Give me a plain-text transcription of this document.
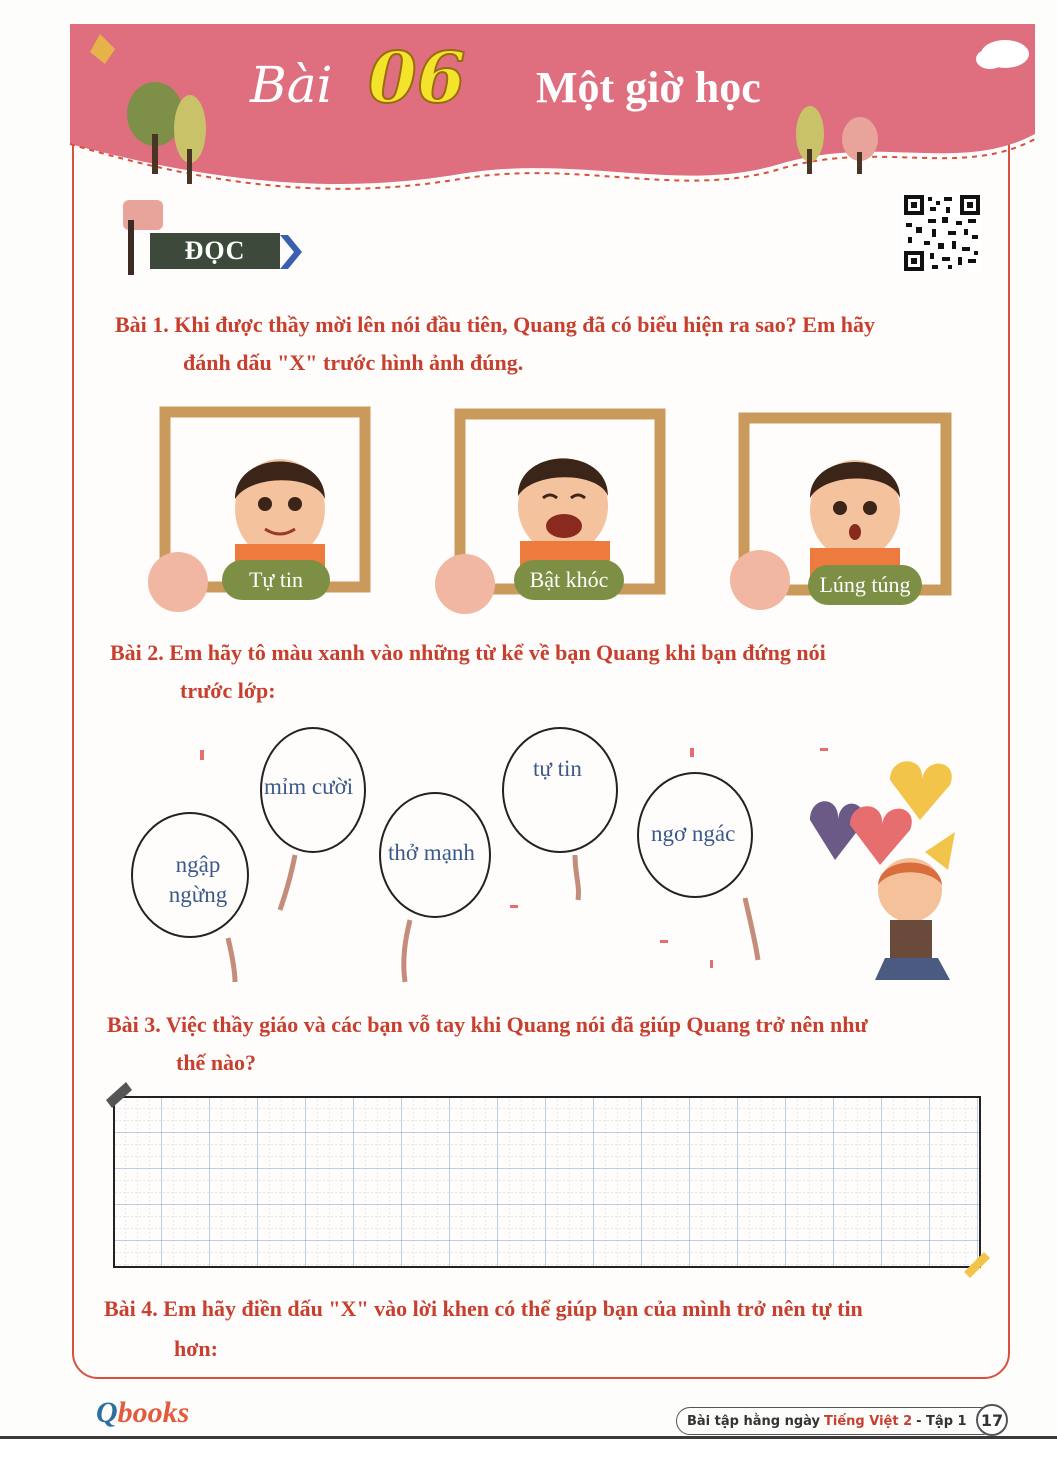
Bài 06 Một giờ học
ĐỌC
Bài 1. Khi được thầy mời lên nói đầu tiên, Quang đã có biểu hiện ra sao? Em hãy
đánh dấu "X" trước hình ảnh đúng.
Tự tin	Bật khóc	Lúng túng
Bài 2. Em hãy tô màu xanh vào những từ kể về bạn Quang khi bạn đứng nói
trước lớp:
mỉm cười
tự tin
ngập ngừng
thở mạnh
ngơ ngác
Bài 3. Việc thầy giáo và các bạn vỗ tay khi Quang nói đã giúp Quang trở nên như
thế nào?
Bài 4. Em hãy điền dấu "X" vào lời khen có thể giúp bạn của mình trở nên tự tin
hơn:
Qbooks	Bài tập hằng ngày Tiếng Việt 2 - Tập 1 17
